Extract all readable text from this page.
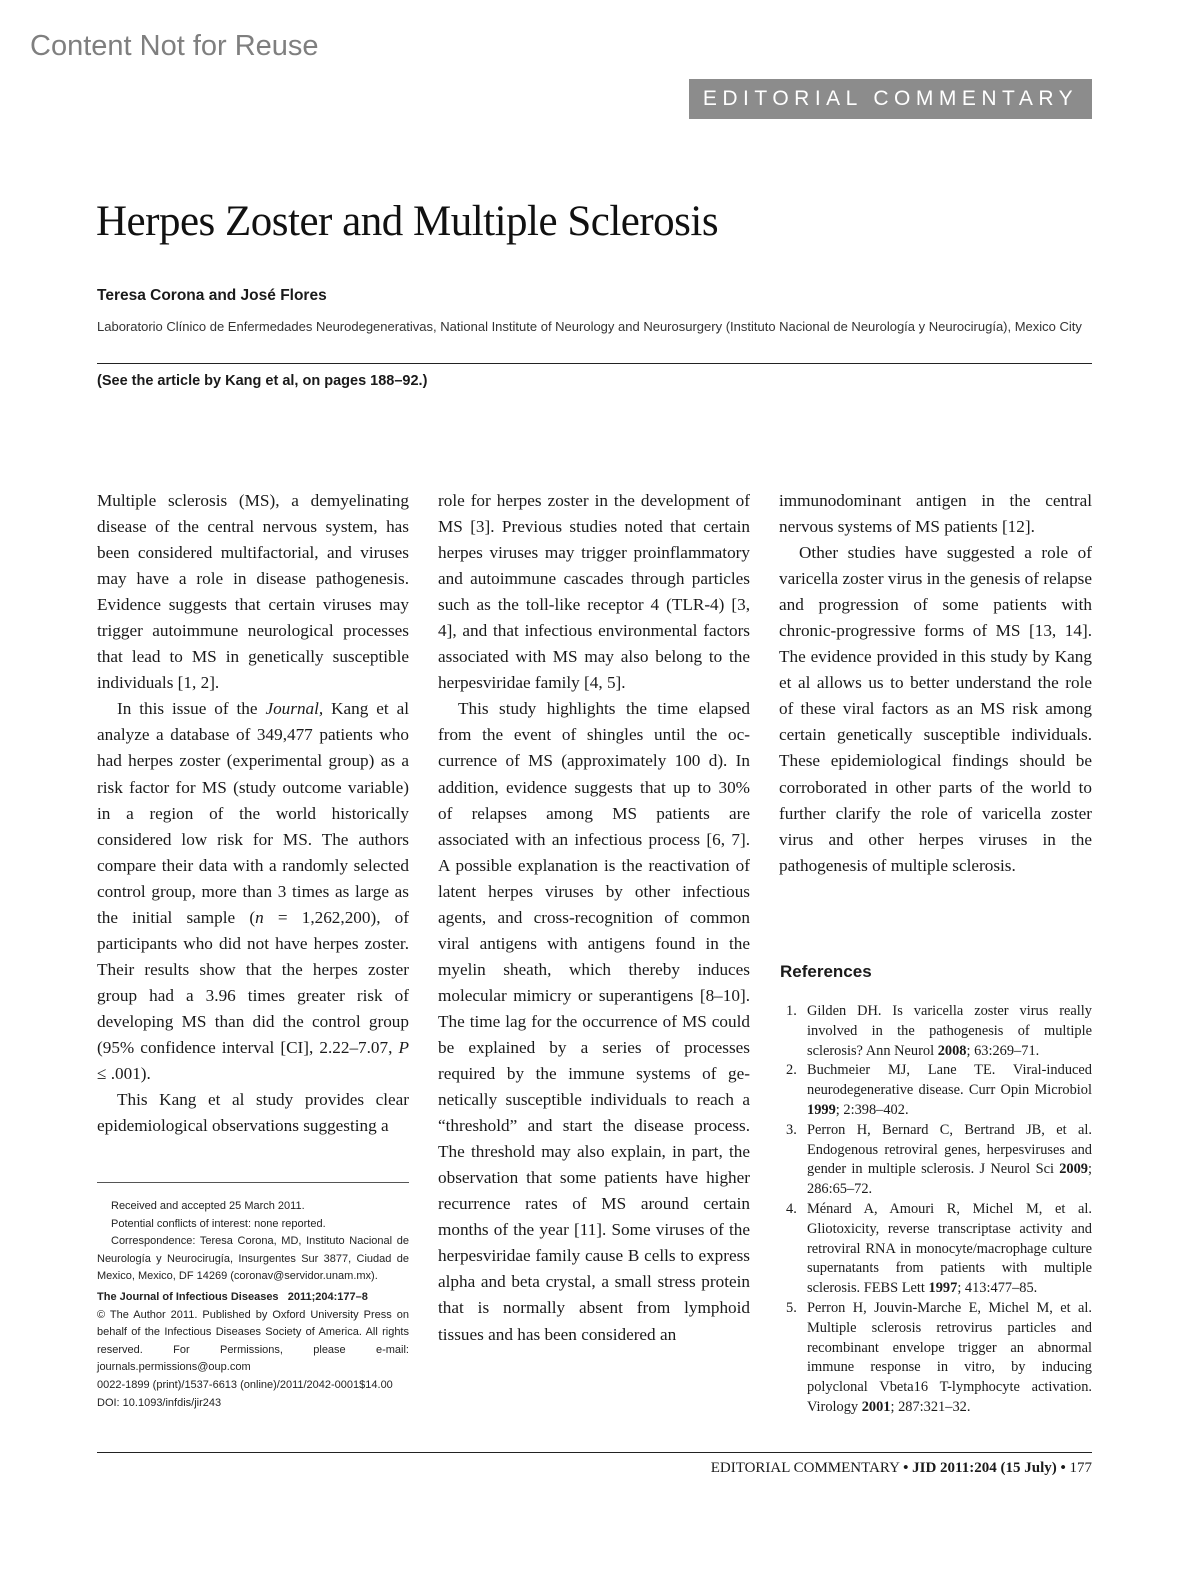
Content Not for Reuse
EDITORIAL COMMENTARY
Herpes Zoster and Multiple Sclerosis
Teresa Corona and José Flores
Laboratorio Clínico de Enfermedades Neurodegenerativas, National Institute of Neurology and Neurosurgery (Instituto Nacional de Neurología y Neurocirugía), Mexico City
(See the article by Kang et al, on pages 188–92.)

Multiple sclerosis (MS), a demyelinating disease of the central nervous system, has been considered multifactorial, and viruses may have a role in disease pathogenesis. Evidence suggests that certain viruses may trigger autoimmune neurological processes that lead to MS in genetically susceptible individuals [1, 2].

In this issue of the Journal, Kang et al analyze a database of 349,477 patients who had herpes zoster (experimental group) as a risk factor for MS (study outcome variable) in a region of the world historically considered low risk for MS. The authors compare their data with a randomly selected control group, more than 3 times as large as the initial sample (n = 1,262,200), of participants who did not have herpes zoster. Their results show that the herpes zoster group had a 3.96 times greater risk of developing MS than did the control group (95% confidence interval [CI], 2.22–7.07, P ≤ .001).

This Kang et al study provides clear epidemiological observations suggesting a

role for herpes zoster in the development of MS [3]. Previous studies noted that certain herpes viruses may trigger proinflammatory and autoimmune cascades through particles such as the toll-like receptor 4 (TLR-4) [3, 4], and that infectious environmental factors associated with MS may also belong to the herpesviridae family [4, 5].

This study highlights the time elapsed from the event of shingles until the occurrence of MS (approximately 100 d). In addition, evidence suggests that up to 30% of relapses among MS patients are associated with an infectious process [6, 7]. A possible explanation is the reactivation of latent herpes viruses by other infectious agents, and cross-recognition of common viral antigens with antigens found in the myelin sheath, which thereby induces molecular mimicry or superantigens [8–10]. The time lag for the occurrence of MS could be explained by a series of processes required by the immune systems of genetically susceptible individuals to reach a “threshold” and start the disease process. The threshold may also explain, in part, the observation that some patients have higher recurrence rates of MS around certain months of the year [11]. Some viruses of the herpesviridae family cause B cells to express alpha and beta crystal, a small stress protein that is normally absent from lymphoid tissues and has been considered an

immunodominant antigen in the central nervous systems of MS patients [12].

Other studies have suggested a role of varicella zoster virus in the genesis of relapse and progression of some patients with chronic-progressive forms of MS [13, 14]. The evidence provided in this study by Kang et al allows us to better understand the role of these viral factors as an MS risk among certain genetically susceptible individuals. These epidemiological findings should be corroborated in other parts of the world to further clarify the role of varicella zoster virus and other herpes viruses in the pathogenesis of multiple sclerosis.

Received and accepted 25 March 2011.

Potential conflicts of interest: none reported.

Correspondence: Teresa Corona, MD, Instituto Nacional de Neurología y Neurocirugía, Insurgentes Sur 3877, Ciudad de Mexico, Mexico, DF 14269 (coronav@servidor.unam.mx).

The Journal of Infectious Diseases   2011;204:177–8

© The Author 2011. Published by Oxford University Press on behalf of the Infectious Diseases Society of America. All rights reserved. For Permissions, please e-mail: journals.permissions@oup.com

0022-1899 (print)/1537-6613 (online)/2011/2042-0001$14.00

DOI: 10.1093/infdis/jir243

References
1. Gilden DH. Is varicella zoster virus really involved in the pathogenesis of multiple sclerosis? Ann Neurol 2008; 63:269–71.
2. Buchmeier MJ, Lane TE. Viral-induced neurodegenerative disease. Curr Opin Microbiol 1999; 2:398–402.
3. Perron H, Bernard C, Bertrand JB, et al. Endogenous retroviral genes, herpesviruses and gender in multiple sclerosis. J Neurol Sci 2009; 286:65–72.
4. Ménard A, Amouri R, Michel M, et al. Gliotoxicity, reverse transcriptase activity and retroviral RNA in monocyte/macrophage culture supernatants from patients with multiple sclerosis. FEBS Lett 1997; 413:477–85.
5. Perron H, Jouvin-Marche E, Michel M, et al. Multiple sclerosis retrovirus particles and recombinant envelope trigger an abnormal immune response in vitro, by inducing polyclonal Vbeta16 T-lymphocyte activation. Virology 2001; 287:321–32.
EDITORIAL COMMENTARY • JID 2011:204 (15 July) • 177
